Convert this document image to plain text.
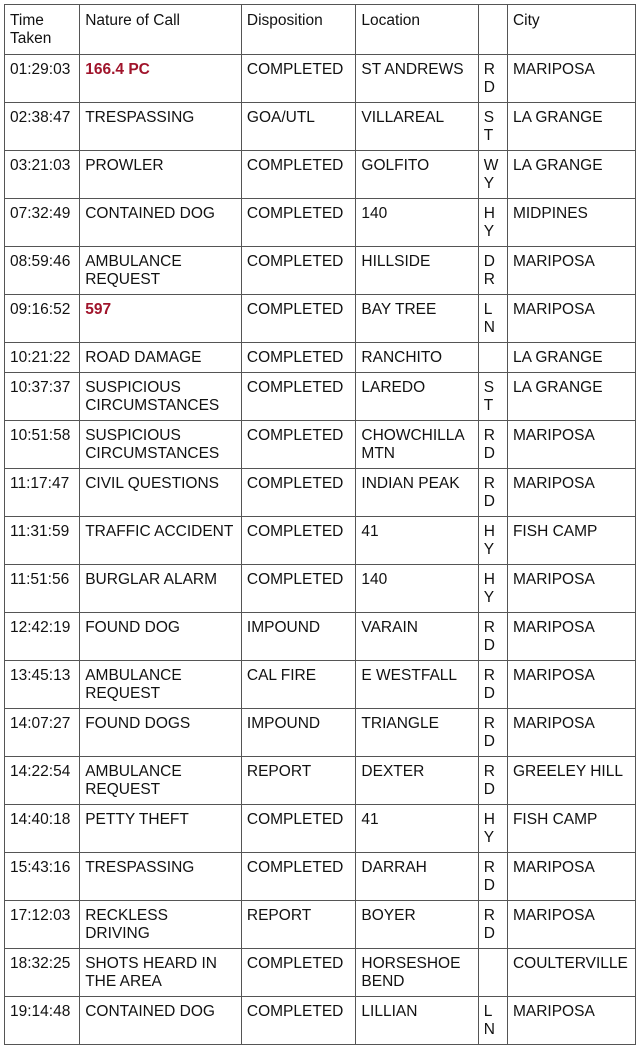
Time
Taken	Nature of Call	Disposition	Location		City
01:29:03	166.4 PC	COMPLETED	ST ANDREWS	RD	MARIPOSA
02:38:47	TRESPASSING	GOA/UTL	VILLAREAL	ST	LA GRANGE
03:21:03	PROWLER	COMPLETED	GOLFITO	WY	LA GRANGE
07:32:49	CONTAINED DOG	COMPLETED	140	HY	MIDPINES
08:59:46	AMBULANCE REQUEST	COMPLETED	HILLSIDE	DR	MARIPOSA
09:16:52	597	COMPLETED	BAY TREE	LN	MARIPOSA
10:21:22	ROAD DAMAGE	COMPLETED	RANCHITO		LA GRANGE
10:37:37	SUSPICIOUS CIRCUMSTANCES	COMPLETED	LAREDO	ST	LA GRANGE
10:51:58	SUSPICIOUS CIRCUMSTANCES	COMPLETED	CHOWCHILLA MTN	RD	MARIPOSA
11:17:47	CIVIL QUESTIONS	COMPLETED	INDIAN PEAK	RD	MARIPOSA
11:31:59	TRAFFIC ACCIDENT	COMPLETED	41	HY	FISH CAMP
11:51:56	BURGLAR ALARM	COMPLETED	140	HY	MARIPOSA
12:42:19	FOUND DOG	IMPOUND	VARAIN	RD	MARIPOSA
13:45:13	AMBULANCE REQUEST	CAL FIRE	E WESTFALL	RD	MARIPOSA
14:07:27	FOUND DOGS	IMPOUND	TRIANGLE	RD	MARIPOSA
14:22:54	AMBULANCE REQUEST	REPORT	DEXTER	RD	GREELEY HILL
14:40:18	PETTY THEFT	COMPLETED	41	HY	FISH CAMP
15:43:16	TRESPASSING	COMPLETED	DARRAH	RD	MARIPOSA
17:12:03	RECKLESS DRIVING	REPORT	BOYER	RD	MARIPOSA
18:32:25	SHOTS HEARD IN THE AREA	COMPLETED	HORSESHOE BEND		COULTERVILLE
19:14:48	CONTAINED DOG	COMPLETED	LILLIAN	LN	MARIPOSA
